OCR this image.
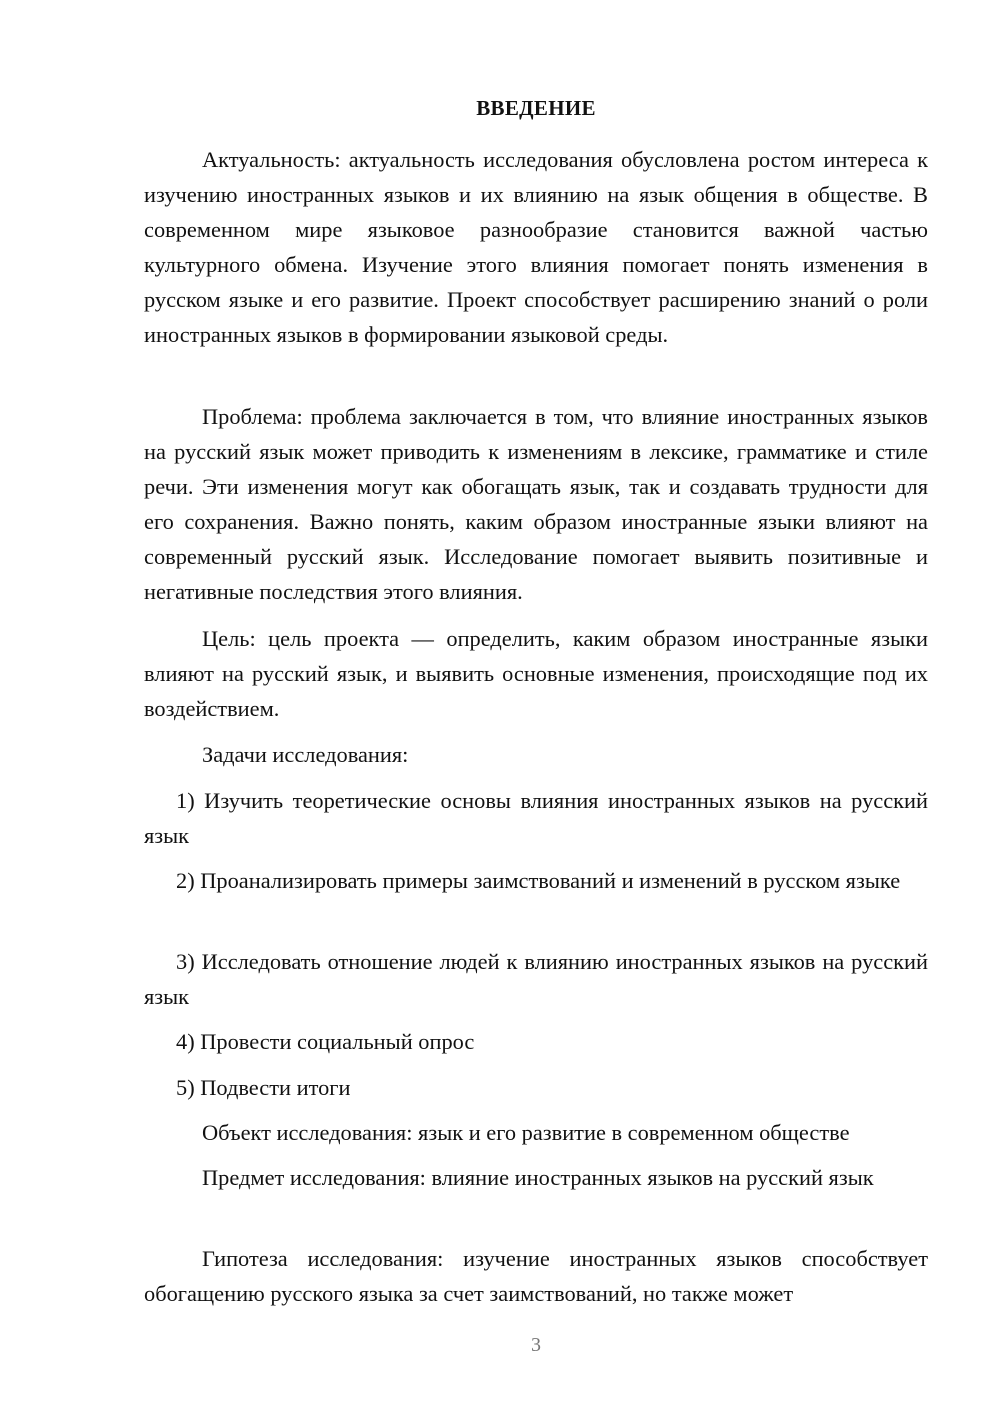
ВВЕДЕНИЕ

Актуальность: актуальность исследования обусловлена ростом интереса к изучению иностранных языков и их влиянию на язык общения в обществе. В современном мире языковое разнообразие становится важной частью культурного обмена. Изучение этого влияния помогает понять изменения в русском языке и его развитие. Проект способствует расширению знаний о роли иностранных языков в формировании языковой среды.

Проблема: проблема заключается в том, что влияние иностранных языков на русский язык может приводить к изменениям в лексике, грамматике и стиле речи. Эти изменения могут как обогащать язык, так и создавать трудности для его сохранения. Важно понять, каким образом иностранные языки влияют на современный русский язык. Исследование помогает выявить позитивные и негативные последствия этого влияния.

Цель: цель проекта — определить, каким образом иностранные языки влияют на русский язык, и выявить основные изменения, происходящие под их воздействием.

Задачи исследования:

1) Изучить теоретические основы влияния иностранных языков на русский язык

2) Проанализировать примеры заимствований и изменений в русском языке

3) Исследовать отношение людей к влиянию иностранных языков на русский язык

4) Провести социальный опрос

5) Подвести итоги

Объект исследования: язык и его развитие в современном обществе

Предмет исследования: влияние иностранных языков на русский язык

Гипотеза исследования: изучение иностранных языков способствует обогащению русского языка за счет заимствований, но также может

3
